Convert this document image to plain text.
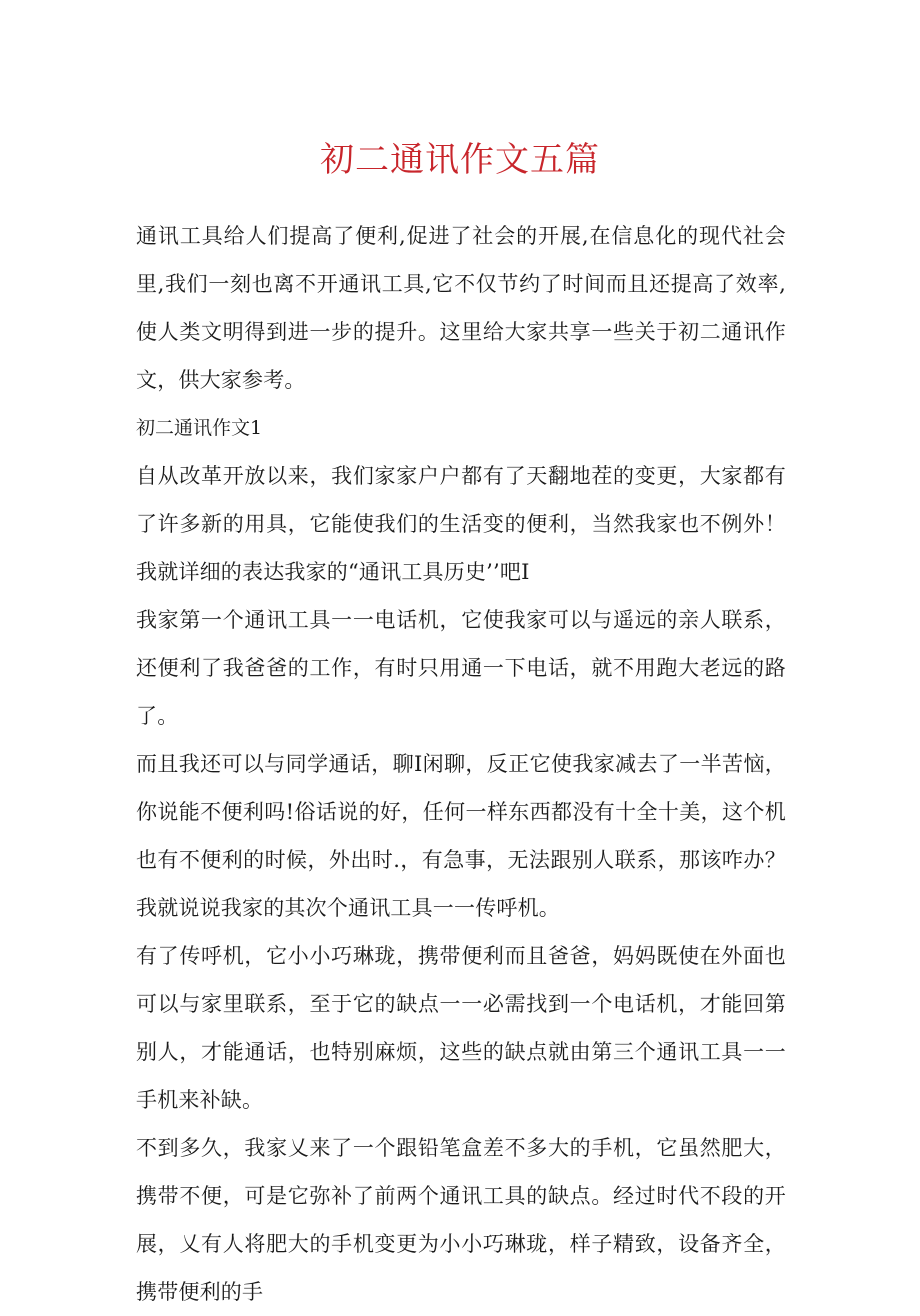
初二通讯作文五篇

通讯工具给人们提高了便利,促进了社会的开展,在信息化的现代社会里,我们一刻也离不开通讯工具,它不仅节约了时间而且还提高了效率,使人类文明得到进一步的提升。这里给大家共享一些关于初二通讯作文，供大家参考。

初二通讯作文1

自从改革开放以来，我们家家户户都有了天翻地茬的变更，大家都有了许多新的用具，它能使我们的生活变的便利，当然我家也不例外！我就详细的表达我家的“通讯工具历史’’吧I

我家第一个通讯工具一一电话机，它使我家可以与遥远的亲人联系，还便利了我爸爸的工作，有时只用通一下电话，就不用跑大老远的路了。

而且我还可以与同学通话，聊I闲聊，反正它使我家减去了一半苦恼，你说能不便利吗!俗话说的好，任何一样东西都没有十全十美，这个机也有不便利的时候，外出时.，有急事，无法跟别人联系，那该咋办？我就说说我家的其次个通讯工具一一传呼机。

有了传呼机，它小小巧琳珑，携带便利而且爸爸，妈妈既使在外面也可以与家里联系，至于它的缺点一一必需找到一个电话机，才能回第别人，才能通话，也特别麻烦，这些的缺点就由第三个通讯工具一一手机来补缺。

不到多久，我家乂来了一个跟铅笔盒差不多大的手机，它虽然肥大，携带不便，可是它弥补了前两个通讯工具的缺点。经过时代不段的开展，乂有人将肥大的手机变更为小小巧琳珑，样子精致，设备齐全，携带便利的手
